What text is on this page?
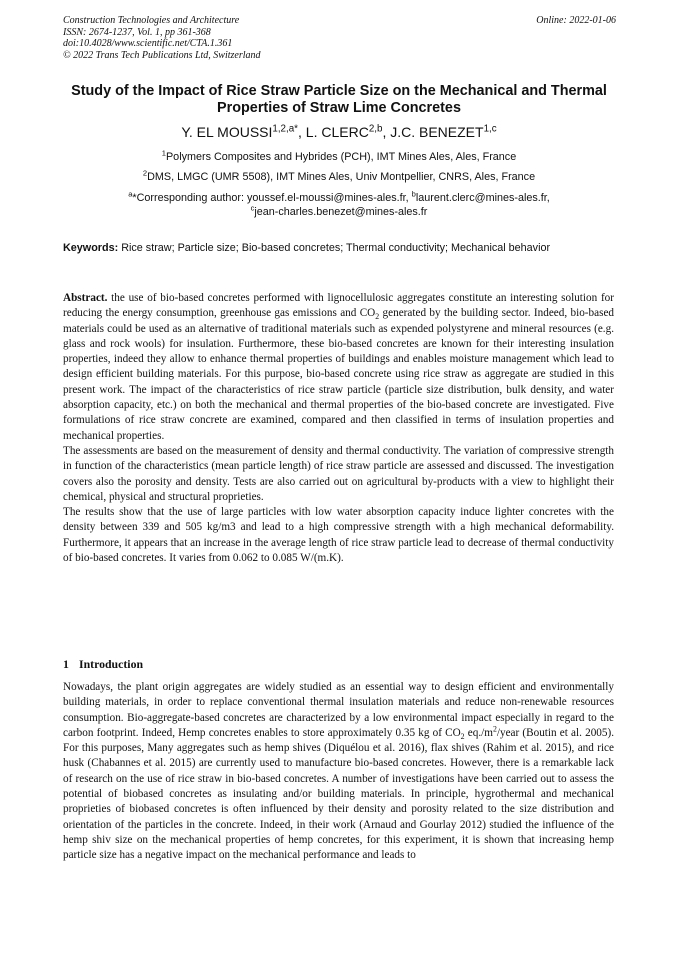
Construction Technologies and Architecture
ISSN: 2674-1237, Vol. 1, pp 361-368
doi:10.4028/www.scientific.net/CTA.1.361
© 2022 Trans Tech Publications Ltd, Switzerland
Online: 2022-01-06
Study of the Impact of Rice Straw Particle Size on the Mechanical and Thermal Properties of Straw Lime Concretes
Y. EL $MOUSSI^{1,2,a*}$, L. CLERC$^{2,b}$, J.C. BENEZET$^{1,c}$
$^1$Polymers Composites and Hybrides (PCH), IMT Mines Ales, Ales, France
$^2$DMS, LMGC (UMR 5508), IMT Mines Ales, Univ Montpellier, CNRS, Ales, France
$^a$*Corresponding author: youssef.el-moussi@mines-ales.fr, $^b$laurent.clerc@mines-ales.fr,
$^c$jean-charles.benezet@mines-ales.fr
Keywords: Rice straw; Particle size; Bio-based concretes; Thermal conductivity; Mechanical behavior

Abstract. the use of bio-based concretes performed with lignocellulosic aggregates constitute an interesting solution for reducing the energy consumption, greenhouse gas emissions and $CO_2$ generated by the building sector. Indeed, bio-based materials could be used as an alternative of traditional materials such as expended polystyrene and mineral resources (e.g. glass and rock wools) for insulation. Furthermore, these bio-based concretes are known for their interesting insulation properties, indeed they allow to enhance thermal properties of buildings and enables moisture management which lead to design efficient building materials. For this purpose, bio-based concrete using rice straw as aggregate are studied in this present work. The impact of the characteristics of rice straw particle (particle size distribution, bulk density, and water absorption capacity, etc.) on both the mechanical and thermal properties of the bio-based concrete are investigated. Five formulations of rice straw concrete are examined, compared and then classified in terms of insulation properties and mechanical properties.

The assessments are based on the measurement of density and thermal conductivity. The variation of compressive strength in function of the characteristics (mean particle length) of rice straw particle are assessed and discussed. The investigation covers also the porosity and density. Tests are also carried out on agricultural by-products with a view to highlight their chemical, physical and structural proprieties.

The results show that the use of large particles with low water absorption capacity induce lighter concretes with the density between 339 and 505 kg/m3 and lead to a high compressive strength with a high mechanical deformability. Furthermore, it appears that an increase in the average length of rice straw particle lead to decrease of thermal conductivity of bio-based concretes. It varies from 0.062 to 0.085 W/(m.K).

1 Introduction

Nowadays, the plant origin aggregates are widely studied as an essential way to design efficient and environmentally building materials, in order to replace conventional thermal insulation materials and reduce non-renewable resources consumption. Bio-aggregate-based concretes are characterized by a low environmental impact especially in regard to the carbon footprint. Indeed, Hemp concretes enables to store approximately 0.35 kg of $CO_2$ $eq./m^2$/year (Boutin et al. 2005). For this purposes, Many aggregates such as hemp shives (Diquélou et al. 2016), flax shives (Rahim et al. 2015), and rice husk (Chabannes et al. 2015) are currently used to manufacture bio-based concretes. However, there is a remarkable lack of research on the use of rice straw in bio-based concretes. A number of investigations have been carried out to assess the potential of biobased concretes as insulating and/or building materials. In principle, hygrothermal and mechanical proprieties of biobased concretes is often influenced by their density and porosity related to the size distribution and orientation of the particles in the concrete. Indeed, in their work (Arnaud and Gourlay 2012) studied the influence of the hemp shiv size on the mechanical properties of hemp concretes, for this experiment, it is shown that increasing hemp particle size has a negative impact on the mechanical performance and leads to
